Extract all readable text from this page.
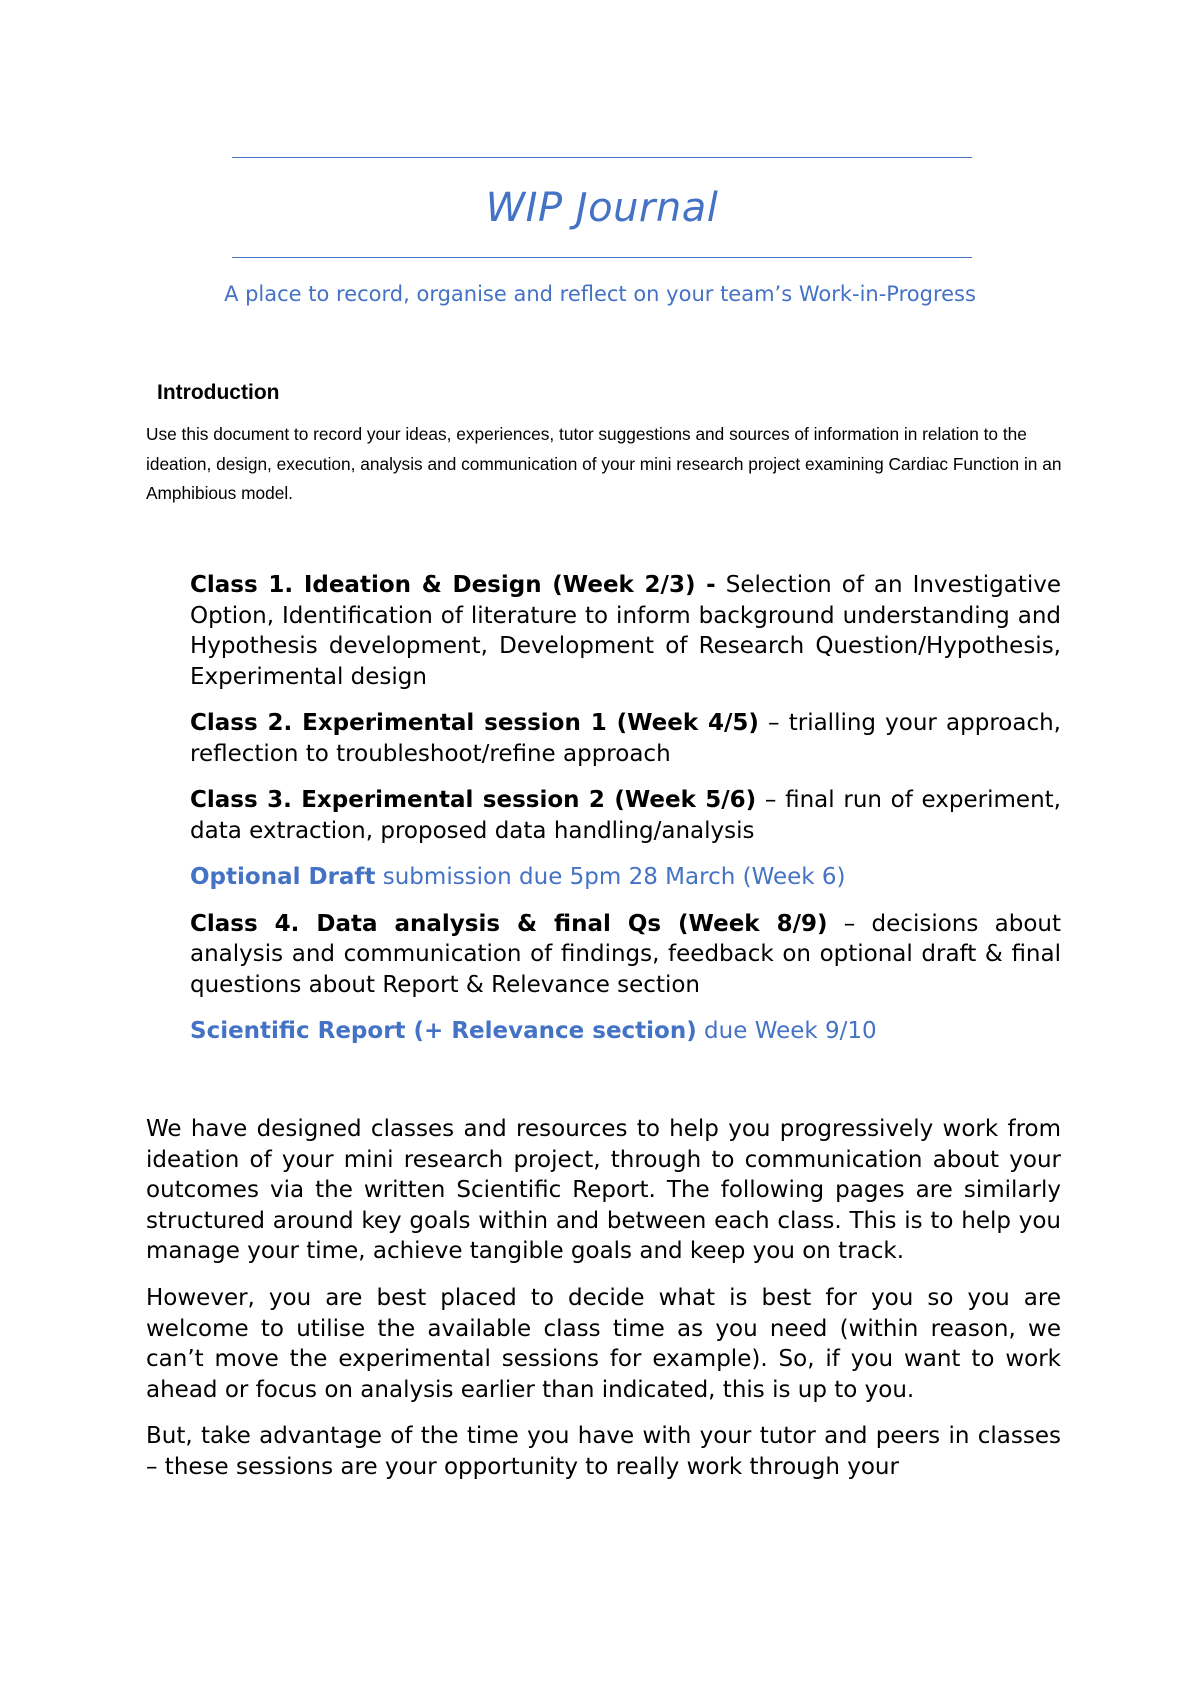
WIP Journal
A place to record, organise and reflect on your team’s Work-in-Progress
Introduction
Use this document to record your ideas, experiences, tutor suggestions and sources of information in relation to the ideation, design, execution, analysis and communication of your mini research project examining Cardiac Function in an Amphibious model.

Class 1. Ideation & Design (Week 2/3) - Selection of an Investigative Option, Identification of literature to inform background understanding and Hypothesis development, Development of Research Question/Hypothesis, Experimental design

Class 2. Experimental session 1 (Week 4/5) – trialling your approach, reflection to troubleshoot/refine approach

Class 3. Experimental session 2 (Week 5/6) – final run of experiment, data extraction, proposed data handling/analysis

Optional Draft submission due 5pm 28 March (Week 6)

Class 4. Data analysis & final Qs (Week 8/9) – decisions about analysis and communication of findings, feedback on optional draft & final questions about Report & Relevance section

Scientific Report (+ Relevance section) due Week 9/10

We have designed classes and resources to help you progressively work from ideation of your mini research project, through to communication about your outcomes via the written Scientific Report. The following pages are similarly structured around key goals within and between each class. This is to help you manage your time, achieve tangible goals and keep you on track.

However, you are best placed to decide what is best for you so you are welcome to utilise the available class time as you need (within reason, we can’t move the experimental sessions for example). So, if you want to work ahead or focus on analysis earlier than indicated, this is up to you.

But, take advantage of the time you have with your tutor and peers in classes – these sessions are your opportunity to really work through your
